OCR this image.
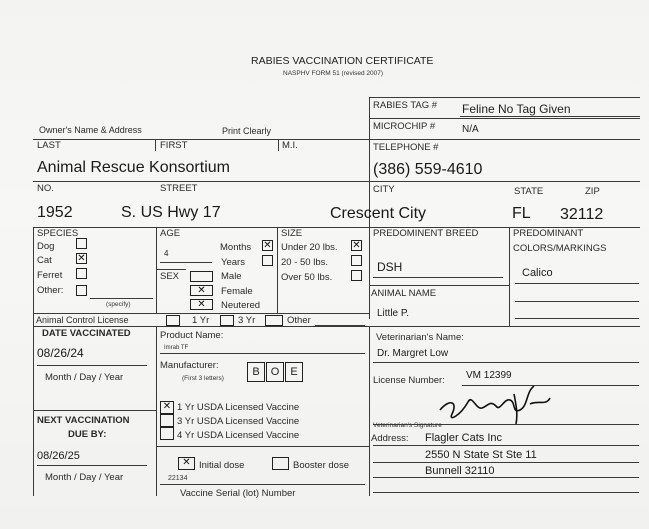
RABIES VACCINATION CERTIFICATE
NASPHV FORM 51 (revised 2007)
RABIES TAG # Feline No Tag Given
MICROCHIP #	N/A
Owner's Name & Address	Print Clearly
LAST	FIRST	M.I.
Animal Rescue Konsortium
TELEPHONE #
(386) 559-4610
NO.	STREET	CITY	STATE	ZIP
1952	S. US Hwy 17	Crescent City	FL 32112
SPECIES
Dog
Cat	✕
Ferret
Other:
(specify)
AGE
4
Months ✕
Years
SEX	Male
✕	Female
✕	Neutered
SIZE
Under 20 lbs. ✕
20 - 50 lbs.
Over 50 lbs.
PREDOMINENT BREED
DSH
ANIMAL NAME
Little P.
PREDOMINANT
COLORS/MARKINGS
Calico
Animal Control License	1 Yr	3 Yr	Other
DATE VACCINATED
08/26/24
Month / Day / Year
NEXT VACCINATION
DUE BY:
08/26/25
Month / Day / Year
Product Name:
Imrab TF
Manufacturer:
(First 3 letters)
B	O	E
✕ 1 Yr USDA Licensed Vaccine
3 Yr USDA Licensed Vaccine
4 Yr USDA Licensed Vaccine
✕ Initial dose	Booster dose
22134
Vaccine Serial (lot) Number
Veterinarian's Name:
Dr. Margret Low
License Number: VM 12399
Veterinarian's Signature
Address: Flagler Cats Inc
2550 N State St Ste 11
Bunnell 32110
